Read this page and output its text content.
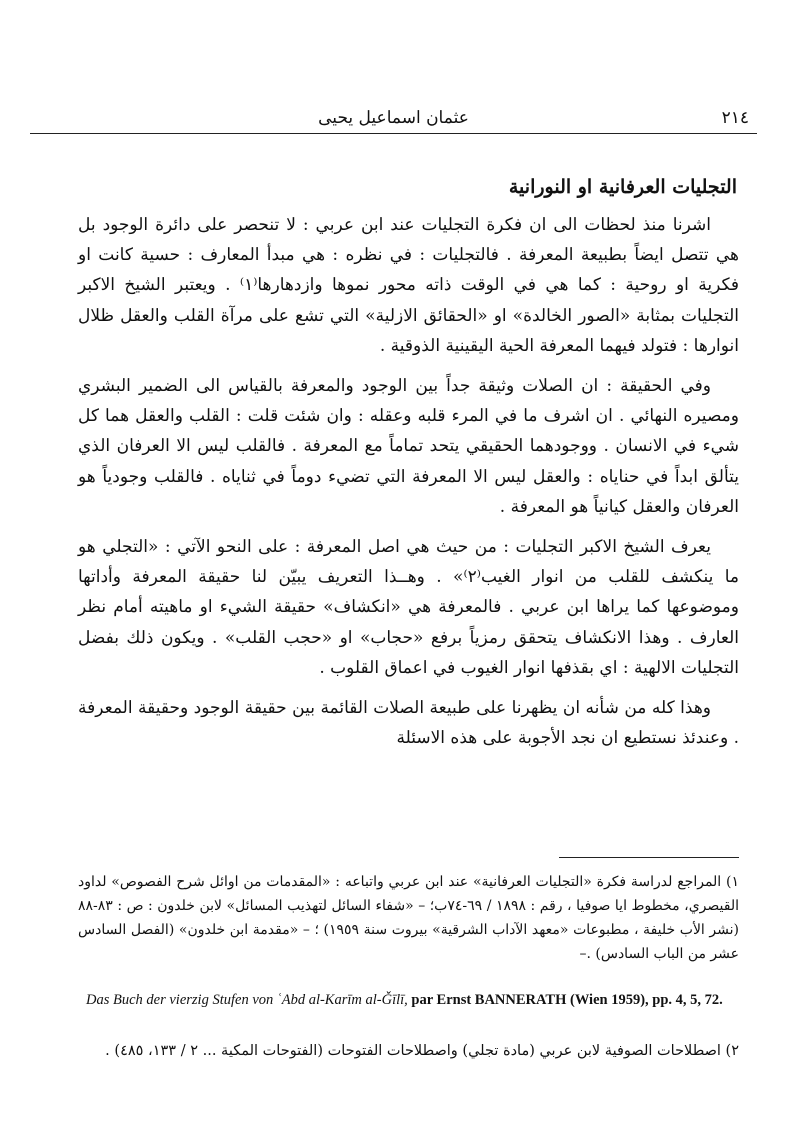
٢١٤
عثمان اسماعيل يحيى
التجليات العرفانية او النورانية

اشرنا منذ لحظات الى ان فكرة التجليات عند ابن عربي : لا تنحصر على دائرة الوجود بل هي تتصل ايضاً بطبيعة المعرفة . فالتجليات : في نظره : هي مبدأ المعارف : حسية كانت او فكرية او روحية : كما هي في الوقت ذاته محور نموها وازدهارها⁽١⁾ . ويعتبر الشيخ الاكبر التجليات بمثابة «الصور الخالدة» او «الحقائق الازلية» التي تشع على مرآة القلب والعقل ظلال انوارها : فتولد فيهما المعرفة الحية اليقينية الذوقية .

وفي الحقيقة : ان الصلات وثيقة جداً بين الوجود والمعرفة بالقياس الى الضمير البشري ومصيره النهائي . ان اشرف ما في المرء قلبه وعقله : وان شئت قلت : القلب والعقل هما كل شيء في الانسان . ووجودهما الحقيقي يتحد تماماً مع المعرفة . فالقلب ليس الا العرفان الذي يتألق ابداً في حناياه : والعقل ليس الا المعرفة التي تضيء دوماً في ثناياه . فالقلب وجودياً هو العرفان والعقل كيانياً هو المعرفة .

يعرف الشيخ الاكبر التجليات : من حيث هي اصل المعرفة : على النحو الآتي : «التجلي هو ما ينكشف للقلب من انوار الغيب⁽٢⁾» . وهــذا التعريف يبيّن لنا حقيقة المعرفة وأداتها وموضوعها كما يراها ابن عربي . فالمعرفة هي «انكشاف» حقيقة الشيء او ماهيته أمام نظر العارف . وهذا الانكشاف يتحقق رمزياً برفع «حجاب» او «حجب القلب» . ويكون ذلك بفضل التجليات الالهية : اي بقذفها انوار الغيوب في اعماق القلوب .

وهذا كله من شأنه ان يظهرنا على طبيعة الصلات القائمة بين حقيقة الوجود وحقيقة المعرفة . وعندئذ نستطيع ان نجد الأجوبة على هذه الاسئلة

١) المراجع لدراسة فكرة «التجليات العرفانية» عند ابن عربي واتباعه : «المقدمات من اوائل شرح الفصوص» لداود القيصري، مخطوط ايا صوفيا ، رقم : ١٨٩٨ / ٦٩-٧٤ب؛ – «شفاء السائل لتهذيب المسائل» لابن خلدون : ص : ٨٣-٨٨ (نشر الأب خليفة ، مطبوعات «معهد الآداب الشرقية» بيروت سنة ١٩٥٩) ؛ – «مقدمة ابن خلدون» (الفصل السادس عشر من الباب السادس) .–

Das Buch der vierzig Stufen von ʿAbd al-Karīm al-Ǧīlī, par Ernst BANNERATH (Wien 1959), pp. 4, 5, 72.

٢) اصطلاحات الصوفية لابن عربي (مادة تجلي) واصطلاحات الفتوحات (الفتوحات المكية ... ٢ / ١٣٣، ٤٨٥) .
